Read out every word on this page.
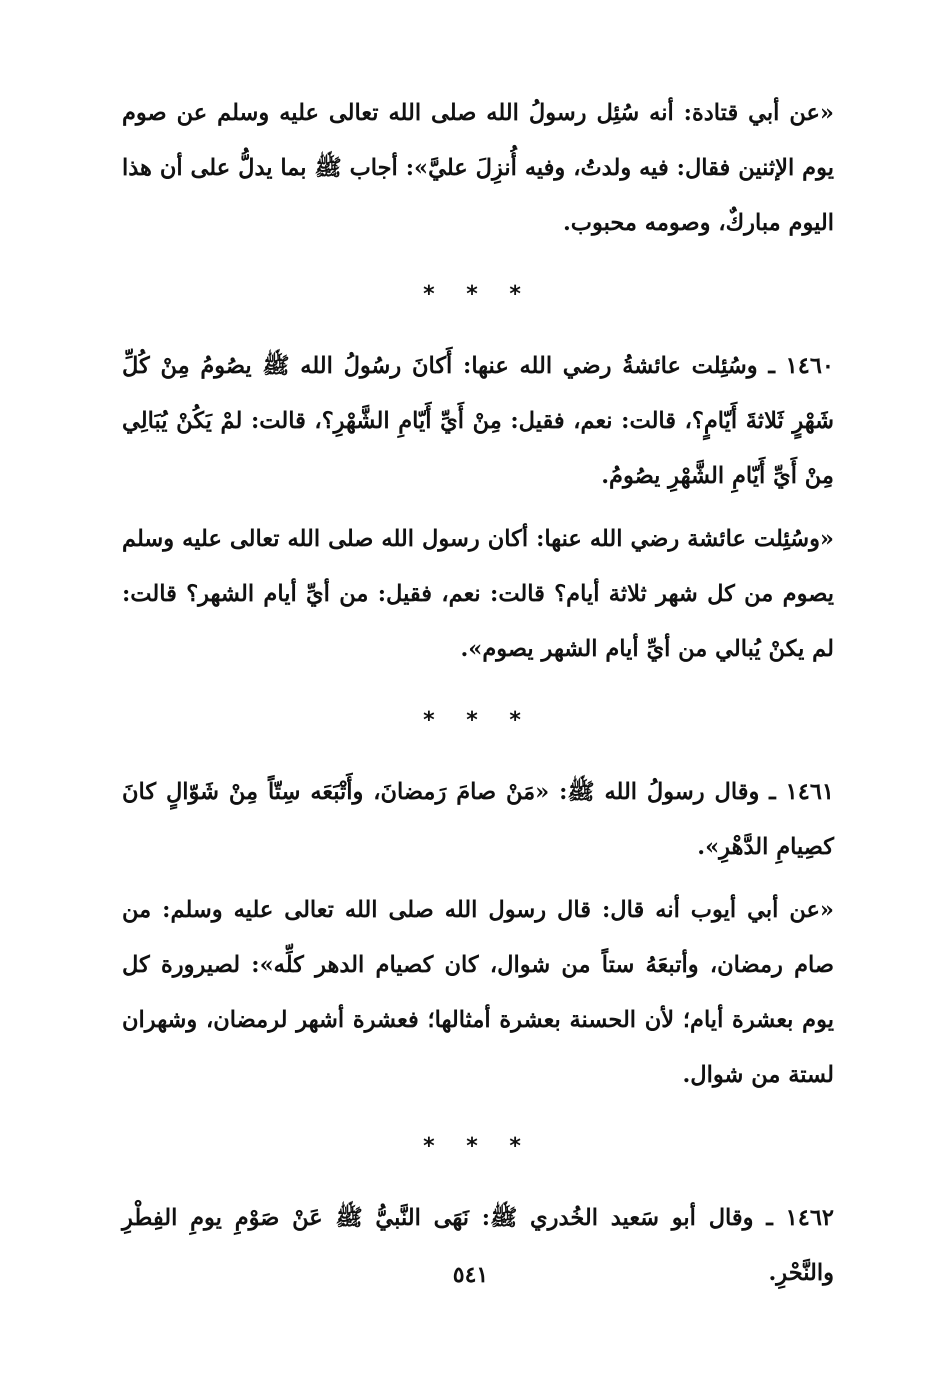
«عن أبي قتادة: أنه سُئِل رسولُ الله صلى الله تعالى عليه وسلم عن صوم يوم الإثنين فقال: فيه ولدتُ، وفيه أُنزِلَ عليَّ»: أجاب ﷺ بما يدلُّ على أن هذا اليوم مباركٌ، وصومه محبوب.

* * *

١٤٦٠ ـ وسُئِلت عائشةُ رضي الله عنها: أَكانَ رسُولُ الله ﷺ يصُومُ مِنْ كُلِّ شَهْرٍ ثَلاثةَ أَيّامٍ؟، قالت: نعم، فقيل: مِنْ أَيِّ أَيّامِ الشَّهْرِ؟، قالت: لمْ يَكُنْ يُبَالِي مِنْ أَيِّ أَيّامِ الشَّهْرِ يصُومُ.

«وسُئِلت عائشة رضي الله عنها: أكان رسول الله صلى الله تعالى عليه وسلم يصوم من كل شهر ثلاثة أيام؟ قالت: نعم، فقيل: من أيِّ أيام الشهر؟ قالت: لم يكنْ يُبالي من أيِّ أيام الشهر يصوم».

* * *

١٤٦١ ـ وقال رسولُ الله ﷺ: «مَنْ صامَ رَمضانَ، وأَتْبَعَه سِتّاً مِنْ شَوّالٍ كانَ كصِيامِ الدَّهْرِ».

«عن أبي أيوب أنه قال: قال رسول الله صلى الله تعالى عليه وسلم: من صام رمضان، وأتبعَهُ ستاً من شوال، كان كصيام الدهر كلِّه»: لصيرورة كل يوم بعشرة أيام؛ لأن الحسنة بعشرة أمثالها؛ فعشرة أشهر لرمضان، وشهران لستة من شوال.

* * *

١٤٦٢ ـ وقال أبو سَعيد الخُدري ﷺ: نَهَى النَّبيُّ ﷺ عَنْ صَوْمِ يومِ الفِطْرِ والنَّحْرِ.

٥٤١
